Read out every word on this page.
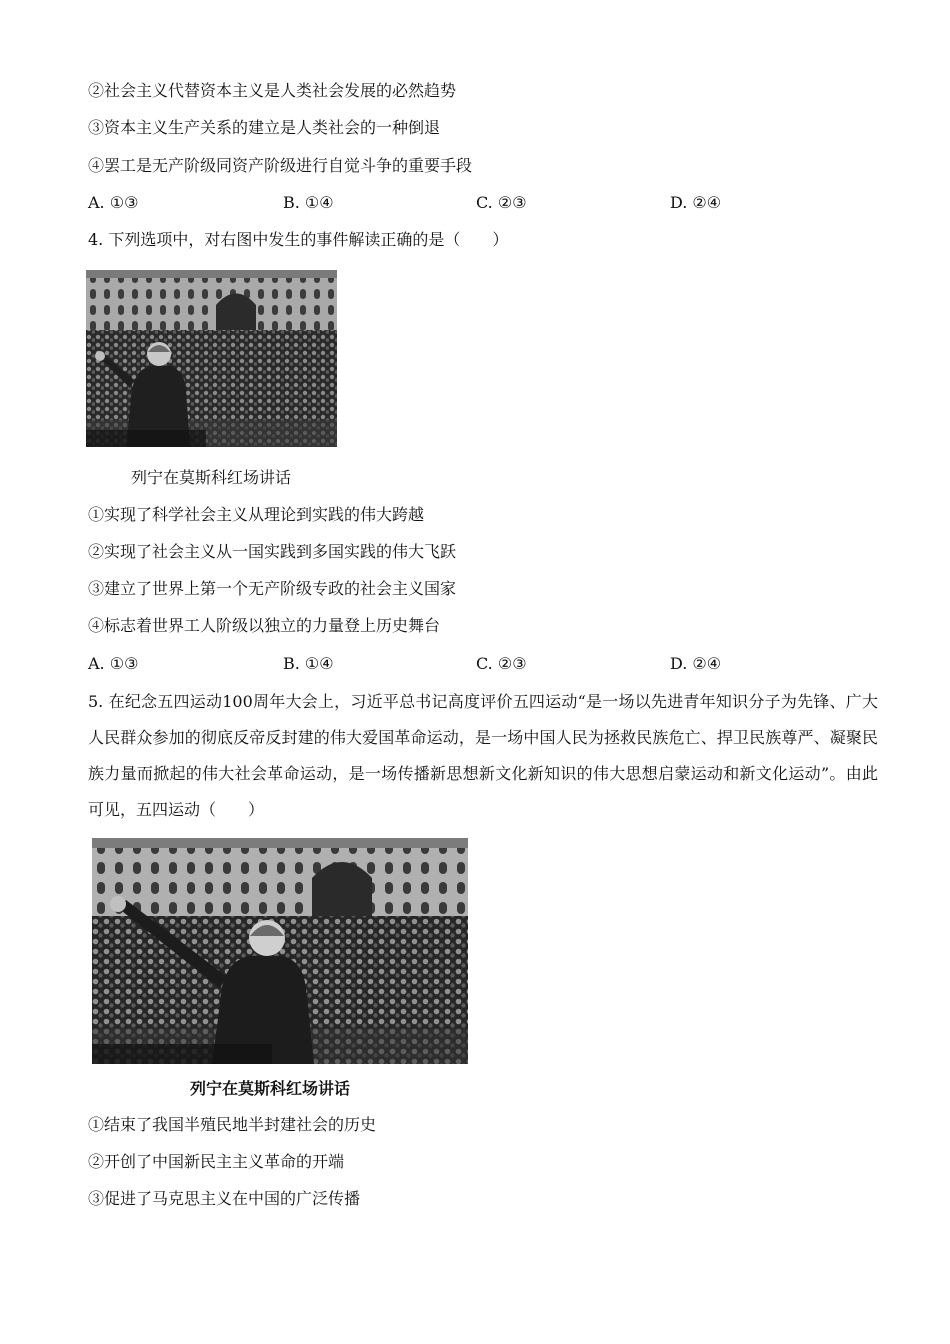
②社会主义代替资本主义是人类社会发展的必然趋势
③资本主义生产关系的建立是人类社会的一种倒退
④罢工是无产阶级同资产阶级进行自觉斗争的重要手段
A. ①③	B. ①④	C. ②③	D. ②④
4. 下列选项中，对右图中发生的事件解读正确的是（　　）
列宁在莫斯科红场讲话
①实现了科学社会主义从理论到实践的伟大跨越
②实现了社会主义从一国实践到多国实践的伟大飞跃
③建立了世界上第一个无产阶级专政的社会主义国家
④标志着世界工人阶级以独立的力量登上历史舞台
A. ①③	B. ①④	C. ②③	D. ②④
5. 在纪念五四运动100周年大会上，习近平总书记高度评价五四运动“是一场以先进青年知识分子为先锋、广大人民群众参加的彻底反帝反封建的伟大爱国革命运动，是一场中国人民为拯救民族危亡、捍卫民族尊严、凝聚民族力量而掀起的伟大社会革命运动，是一场传播新思想新文化新知识的伟大思想启蒙运动和新文化运动”。由此可见，五四运动（　　）
列宁在莫斯科红场讲话
①结束了我国半殖民地半封建社会的历史
②开创了中国新民主主义革命的开端
③促进了马克思主义在中国的广泛传播
